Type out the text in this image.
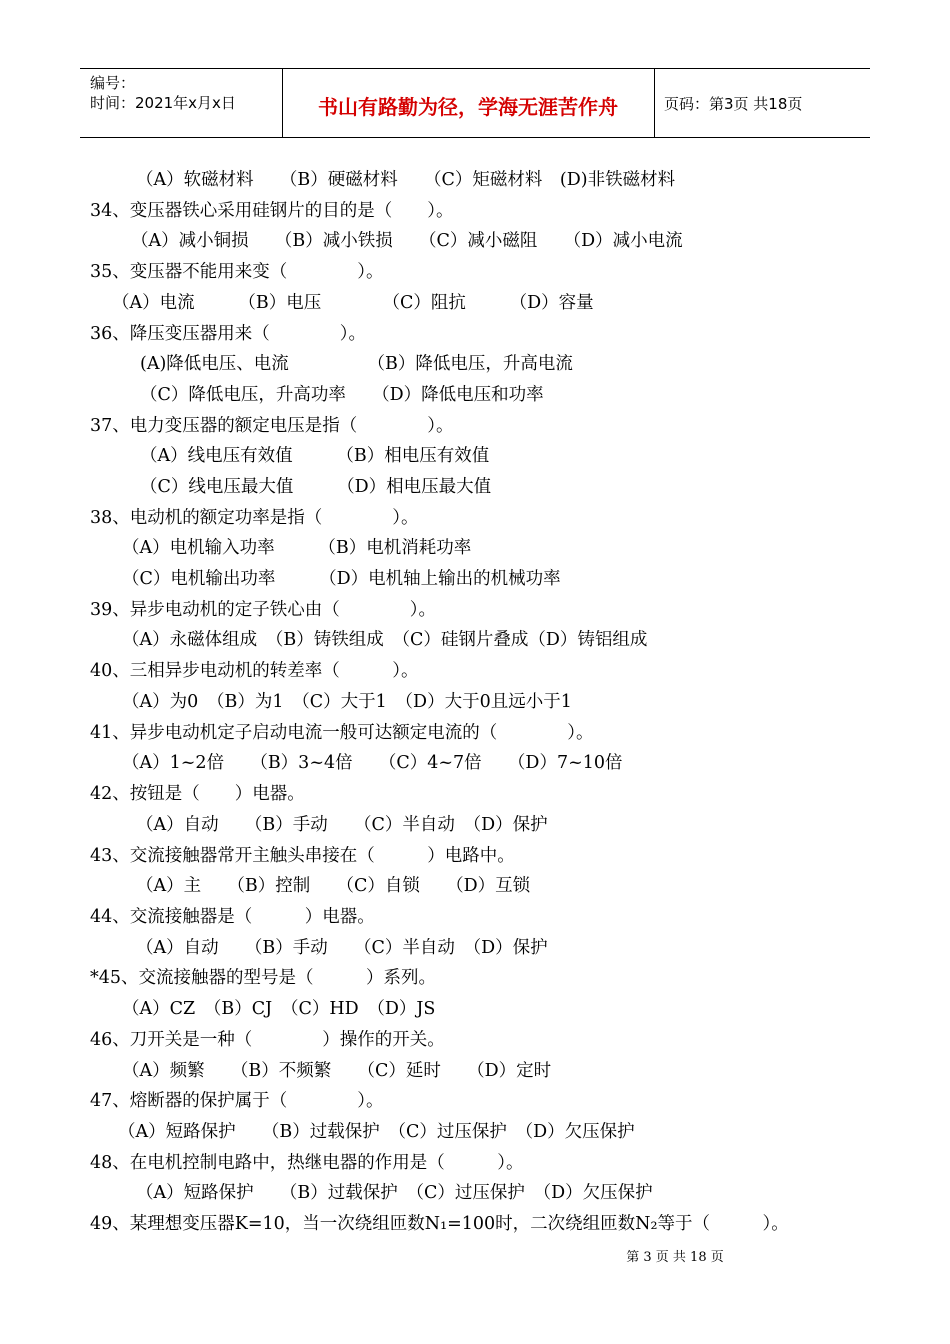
编号：
时间：2021年x月x日	书山有路勤为径，学海无涯苦作舟	页码：第3页 共18页
（A）软磁材料　　（B）硬磁材料　　（C）矩磁材料　(D)非铁磁材料
34、变压器铁心采用硅钢片的目的是（　　）。
（A）减小铜损　　（B）减小铁损　　（C）减小磁阻　　（D）减小电流
35、变压器不能用来变（　　　　）。
（A）电流　　　（B）电压　　　　（C）阻抗　　　（D）容量
36、降压变压器用来（　　　　）。
(A)降低电压、电流　　　　　（B）降低电压，升高电流
（C）降低电压，升高功率　　（D）降低电压和功率
37、电力变压器的额定电压是指（　　　　）。
（A）线电压有效值　　　（B）相电压有效值
（C）线电压最大值　　　（D）相电压最大值
38、电动机的额定功率是指（　　　　）。
（A）电机输入功率　　　（B）电机消耗功率
（C）电机输出功率　　　（D）电机轴上输出的机械功率
39、异步电动机的定子铁心由（　　　　）。
（A）永磁体组成　（B）铸铁组成　（C）硅钢片叠成（D）铸铝组成
40、三相异步电动机的转差率（　　　）。
（A）为0　（B）为1　（C）大于1　（D）大于0且远小于1
41、异步电动机定子启动电流一般可达额定电流的（　　　　）。
（A）1~2倍　　（B）3~4倍　　（C）4~7倍　　（D）7~10倍
42、按钮是（　　）电器。
（A）自动　　（B）手动　　（C）半自动　（D）保护
43、交流接触器常开主触头串接在（　　　）电路中。
（A）主　　（B）控制　　（C）自锁　　（D）互锁
44、交流接触器是（　　　）电器。
（A）自动　　（B）手动　　（C）半自动　（D）保护
*45、交流接触器的型号是（　　　）系列。
（A）CZ　（B）CJ　（C）HD　（D）JS
46、刀开关是一种（　　　　）操作的开关。
（A）频繁　　（B）不频繁　　（C）延时　　（D）定时
47、熔断器的保护属于（　　　　）。
（A）短路保护　　（B）过载保护　（C）过压保护　（D）欠压保护
48、在电机控制电路中，热继电器的作用是（　　　）。
（A）短路保护　　（B）过载保护　（C）过压保护　（D）欠压保护
49、某理想变压器K=10，当一次绕组匝数N₁=100时，二次绕组匝数N₂等于（　　　）。
第 3 页 共 18 页
